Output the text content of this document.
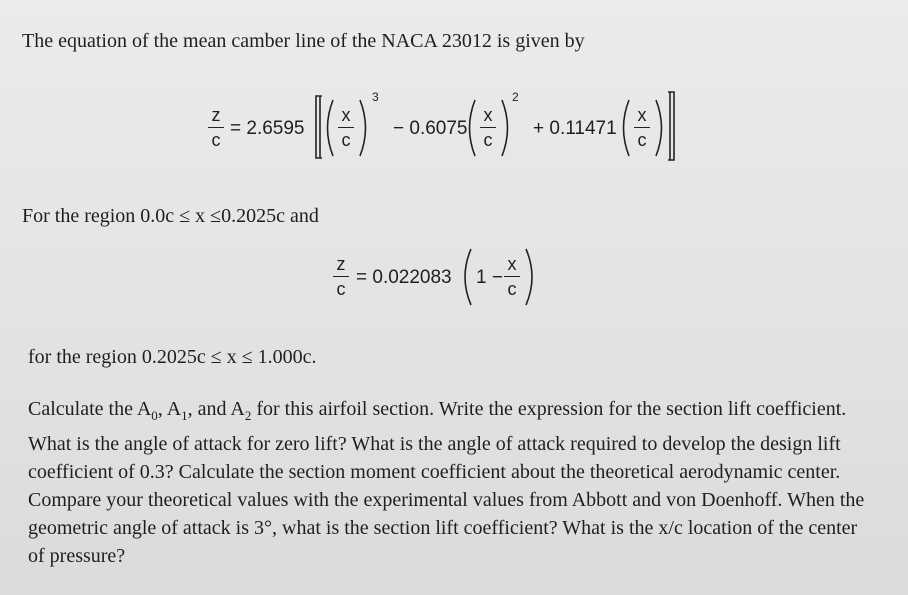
The equation of the mean camber line of the NACA 23012 is given by
z
c
= 2.6595
x
c
3
− 0.6075
x
c
2
+ 0.11471
x
c
For the region 0.0c ≤ x ≤0.2025c and
z
c
= 0.022083 1 −
x
c
for the region 0.2025c ≤ x ≤ 1.000c.
Calculate the $A_0$, $A_1$, and $A_2$ for this airfoil section. Write the expression for the section lift coefficient. What is the angle of attack for zero lift? What is the angle of attack required to develop the design lift coefficient of 0.3? Calculate the section moment coefficient about the theoretical aerodynamic center. Compare your theoretical values with the experimental values from Abbott and von Doenhoff. When the geometric angle of attack is 3°, what is the section lift coefficient? What is the x/c location of the center of pressure?
